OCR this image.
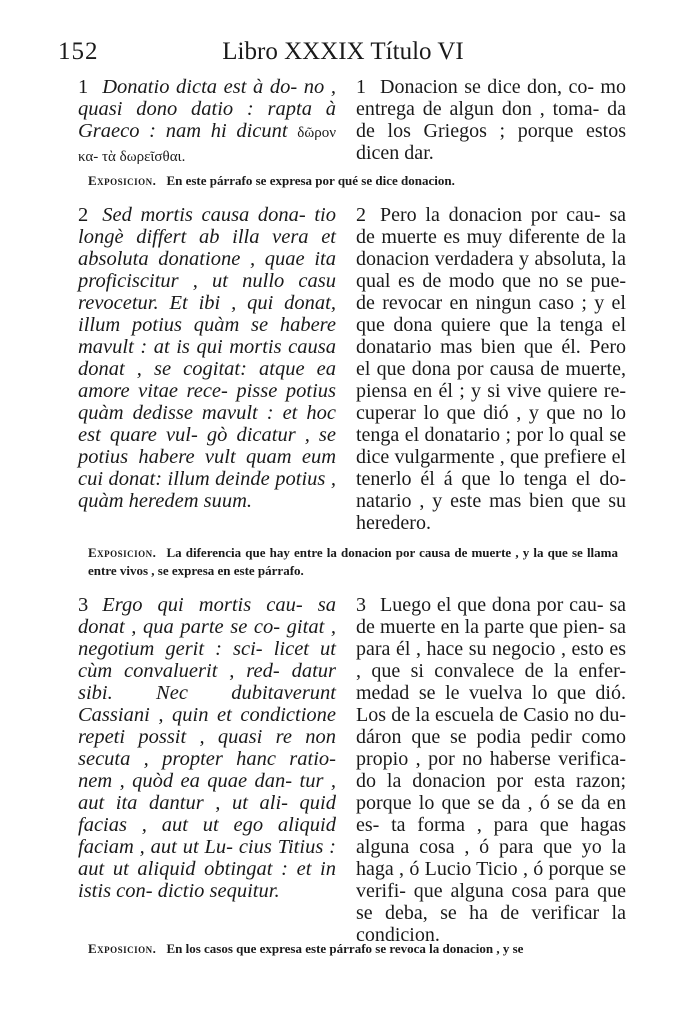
152	Libro XXXIX Título VI
1 Donatio dicta est à do- no , quasi dono datio : rapta à Graeco : nam hi dicunt δῶρον κα- τὰ δωρεῖσθαι.
1 Donacion se dice don, co- mo entrega de algun don , toma- da de los Griegos ; porque estos dicen dar.
Exposicion. En este párrafo se expresa por qué se dice donacion.
2 Sed mortis causa dona- tio longè differt ab illa vera et absoluta donatione , quae ita proficiscitur , ut nullo casu revocetur. Et ibi , qui donat, illum potius quàm se habere mavult : at is qui mortis causa donat , se cogitat: atque ea amore vitae rece- pisse potius quàm dedisse mavult : et hoc est quare vul- gò dicatur , se potius habere vult quam eum cui donat: illum deinde potius , quàm heredem suum.
2 Pero la donacion por cau- sa de muerte es muy diferente de la donacion verdadera y absoluta, la qual es de modo que no se pue- de revocar en ningun caso ; y el que dona quiere que la tenga el donatario mas bien que él. Pero el que dona por causa de muerte, piensa en él ; y si vive quiere re- cuperar lo que dió , y que no lo tenga el donatario ; por lo qual se dice vulgarmente , que prefiere el tenerlo él á que lo tenga el do- natario , y este mas bien que su heredero.
Exposicion. La diferencia que hay entre la donacion por causa de muerte , y la que se llama entre vivos , se expresa en este párrafo.
3 Ergo qui mortis cau- sa donat , qua parte se co- gitat , negotium gerit : sci- licet ut cùm convaluerit , red- datur sibi. Nec dubitaverunt Cassiani , quin et condictione repeti possit , quasi re non secuta , propter hanc ratio- nem , quòd ea quae dan- tur , aut ita dantur , ut ali- quid facias , aut ut ego aliquid faciam , aut ut Lu- cius Titius : aut ut aliquid obtingat : et in istis con- dictio sequitur.
3 Luego el que dona por cau- sa de muerte en la parte que pien- sa para él , hace su negocio , esto es , que si convalece de la enfer- medad se le vuelva lo que dió. Los de la escuela de Casio no du- dáron que se podia pedir como propio , por no haberse verifica- do la donacion por esta razon; porque lo que se da , ó se da en es- ta forma , para que hagas alguna cosa , ó para que yo la haga , ó Lucio Ticio , ó porque se verifi- que alguna cosa para que se deba, se ha de verificar la condicion.
Exposicion. En los casos que expresa este párrafo se revoca la donacion , y se
